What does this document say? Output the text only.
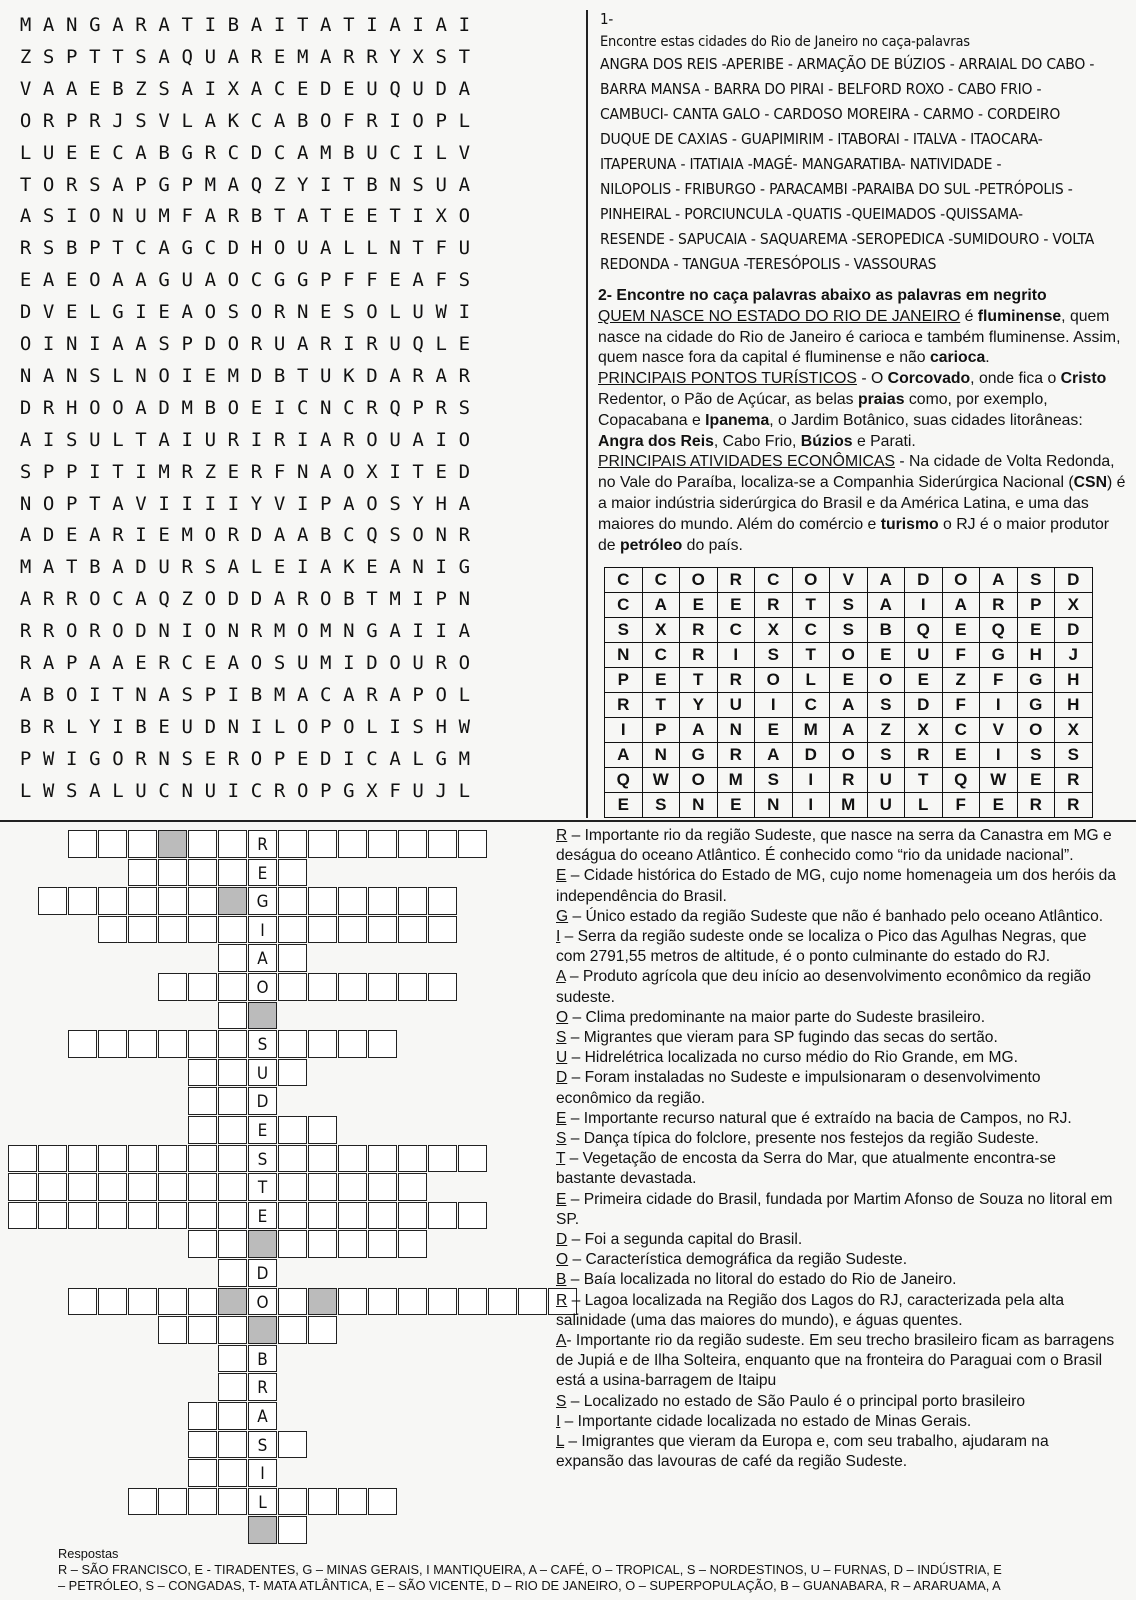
M A N G A R A T I B A I T A T I A I A I
Z S P T T S A Q U A R E M A R R Y X S T
V A A E B Z S A I X A C E D E U Q U D A
O R P R J S V L A K C A B O F R I O P L
L U E E C A B G R C D C A M B U C I L V
T O R S A P G P M A Q Z Y I T B N S U A
A S I O N U M F A R B T A T E E T I X O
R S B P T C A G C D H O U A L L N T F U
E A E O A A G U A O C G G P F F E A F S
D V E L G I E A O S O R N E S O L U W I
O I N I A A S P D O R U A R I R U Q L E
N A N S L N O I E M D B T U K D A R A R
D R H O O A D M B O E I C N C R Q P R S
A I S U L T A I U R I R I A R O U A I O
S P P I T I M R Z E R F N A O X I T E D
N O P T A V I I I I Y V I P A O S Y H A
A D E A R I E M O R D A A B C Q S O N R
M A T B A D U R S A L E I A K E A N I G
A R R O C A Q Z O D D A R O B T M I P N
R R O R O D N I O N R M O M N G A I I A
R A P A A E R C E A O S U M I D O U R O
A B O I T N A S P I B M A C A R A P O L
B R L Y I B E U D N I L O P O L I S H W
P W I G O R N S E R O P E D I C A L G M
L W S A L U C N U I C R O P G X F U J L
1-
Encontre estas cidades do Rio de Janeiro no caça-palavras
ANGRA DOS REIS -APERIBE - ARMAÇÃO DE BÚZIOS - ARRAIAL DO CABO -
BARRA MANSA - BARRA DO PIRAI - BELFORD ROXO - CABO FRIO -
CAMBUCI- CANTA GALO - CARDOSO MOREIRA - CARMO - CORDEIRO
DUQUE DE CAXIAS - GUAPIMIRIM - ITABORAI - ITALVA - ITAOCARA-
ITAPERUNA - ITATIAIA -MAGÉ- MANGARATIBA- NATIVIDADE -
NILOPOLIS - FRIBURGO - PARACAMBI -PARAIBA DO SUL -PETRÓPOLIS -
PINHEIRAL - PORCIUNCULA -QUATIS -QUEIMADOS -QUISSAMA-
RESENDE - SAPUCAIA - SAQUAREMA -SEROPEDICA -SUMIDOURO - VOLTA
REDONDA - TANGUA -TERESÓPOLIS - VASSOURAS

2- Encontre no caça palavras abaixo as palavras em negrito

QUEM NASCE NO ESTADO DO RIO DE JANEIRO é fluminense, quem nasce na cidade do Rio de Janeiro é carioca e também fluminense. Assim, quem nasce fora da capital é fluminense e não carioca.

PRINCIPAIS PONTOS TURÍSTICOS - O Corcovado, onde fica o Cristo Redentor, o Pão de Açúcar, as belas praias como, por exemplo, Copacabana e Ipanema, o Jardim Botânico, suas cidades litorâneas: Angra dos Reis, Cabo Frio, Búzios e Parati.

PRINCIPAIS ATIVIDADES ECONÔMICAS - Na cidade de Volta Redonda, no Vale do Paraíba, localiza-se a Companhia Siderúrgica Nacional (CSN) é a maior indústria siderúrgica do Brasil e da América Latina, e uma das maiores do mundo. Além do comércio e turismo o RJ é o maior produtor de petróleo do país.

C	C	O	R	C	O	V	A	D	O	A	S	D
C	A	E	E	R	T	S	A	I	A	R	P	X
S	X	R	C	X	C	S	B	Q	E	Q	E	D
N	C	R	I	S	T	O	E	U	F	G	H	J
P	E	T	R	O	L	E	O	E	Z	F	G	H
R	T	Y	U	I	C	A	S	D	F	I	G	H
I	P	A	N	E	M	A	Z	X	C	V	O	X
A	N	G	R	A	D	O	S	R	E	I	S	S
Q	W	O	M	S	I	R	U	T	Q	W	E	R
E	S	N	E	N	I	M	U	L	F	E	R	R
R
E
G
I
A
O
S
U
D
E
S
T
E
D
O
B
R
A
S
I
L

R – Importante rio da região Sudeste, que nasce na serra da Canastra em MG e deságua do oceano Atlântico. É conhecido como “rio da unidade nacional”.

E – Cidade histórica do Estado de MG, cujo nome homenageia um dos heróis da independência do Brasil.

G – Único estado da região Sudeste que não é banhado pelo oceano Atlântico.

I – Serra da região sudeste onde se localiza o Pico das Agulhas Negras, que com 2791,55 metros de altitude, é o ponto culminante do estado do RJ.

A – Produto agrícola que deu início ao desenvolvimento econômico da região sudeste.

O – Clima predominante na maior parte do Sudeste brasileiro.

S – Migrantes que vieram para SP fugindo das secas do sertão.

U – Hidrelétrica localizada no curso médio do Rio Grande, em MG.

D – Foram instaladas no Sudeste e impulsionaram o desenvolvimento econômico da região.

E – Importante recurso natural que é extraído na bacia de Campos, no RJ.

S – Dança típica do folclore, presente nos festejos da região Sudeste.

T – Vegetação de encosta da Serra do Mar, que atualmente encontra-se bastante devastada.

E – Primeira cidade do Brasil, fundada por Martim Afonso de Souza no litoral em SP.

D – Foi a segunda capital do Brasil.

O – Característica demográfica da região Sudeste.

B – Baía localizada no litoral do estado do Rio de Janeiro.

R – Lagoa localizada na Região dos Lagos do RJ, caracterizada pela alta salinidade (uma das maiores do mundo), e águas quentes.

A- Importante rio da região sudeste. Em seu trecho brasileiro ficam as barragens de Jupiá e de Ilha Solteira, enquanto que na fronteira do Paraguai com o Brasil está a usina-barragem de Itaipu

S – Localizado no estado de São Paulo é o principal porto brasileiro

I – Importante cidade localizada no estado de Minas Gerais.

L – Imigrantes que vieram da Europa e, com seu trabalho, ajudaram na expansão das lavouras de café da região Sudeste.

Respostas

R – SÃO FRANCISCO, E - TIRADENTES, G – MINAS GERAIS, I MANTIQUEIRA, A – CAFÉ, O – TROPICAL, S – NORDESTINOS, U – FURNAS, D – INDÚSTRIA, E

– PETRÓLEO, S – CONGADAS, T- MATA ATLÂNTICA, E – SÃO VICENTE, D – RIO DE JANEIRO, O – SUPERPOPULAÇÃO, B – GUANABARA, R – ARARUAMA, A
